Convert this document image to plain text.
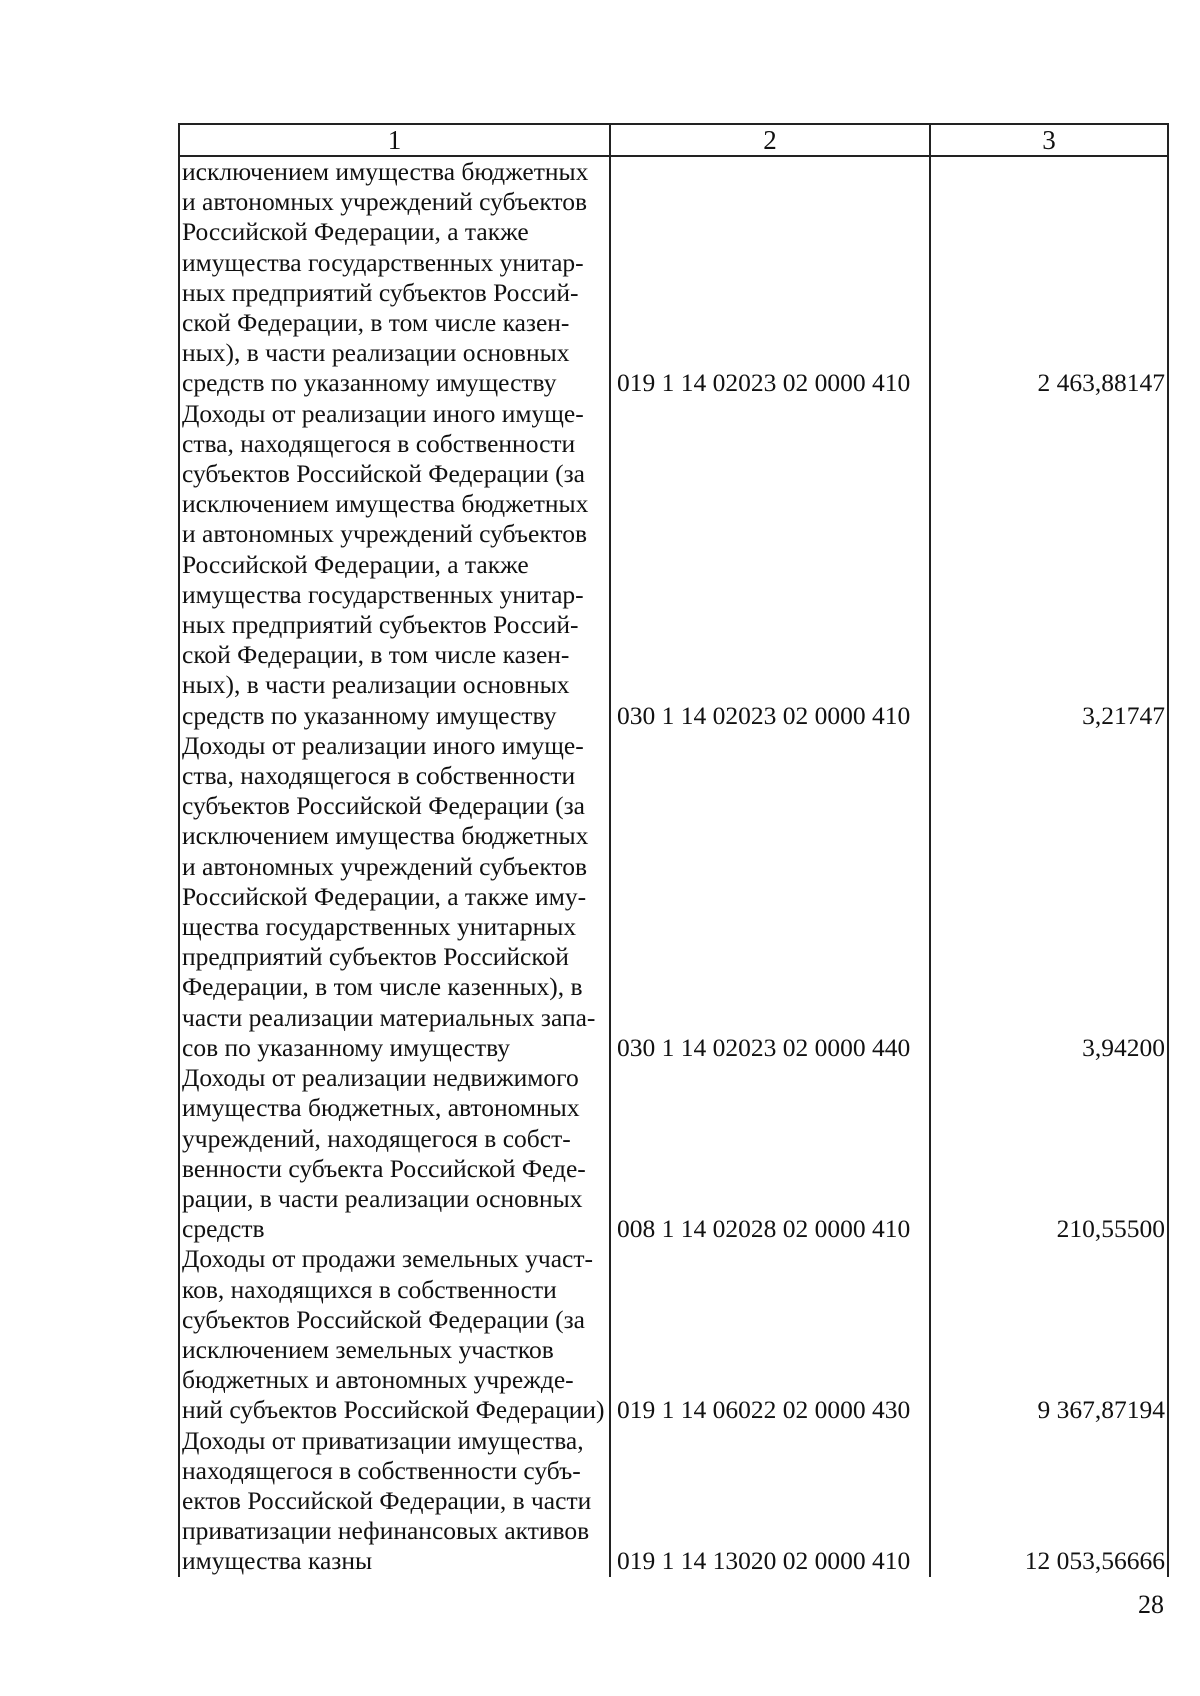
1	2	3
исключением имущества бюджетных
и автономных учреждений субъектов
Российской Федерации, а также
имущества государственных унитар-
ных предприятий субъектов Россий-
ской Федерации, в том числе казен-
ных), в части реализации основных
средств по указанному имуществу	019 1 14 02023 02 0000 410	2 463,88147
Доходы от реализации иного имуще-
ства, находящегося в собственности
субъектов Российской Федерации (за
исключением имущества бюджетных
и автономных учреждений субъектов
Российской Федерации, а также
имущества государственных унитар-
ных предприятий субъектов Россий-
ской Федерации, в том числе казен-
ных), в части реализации основных
средств по указанному имуществу	030 1 14 02023 02 0000 410	3,21747
Доходы от реализации иного имуще-
ства, находящегося в собственности
субъектов Российской Федерации (за
исключением имущества бюджетных
и автономных учреждений субъектов
Российской Федерации, а также иму-
щества государственных унитарных
предприятий субъектов Российской
Федерации, в том числе казенных), в
части реализации материальных запа-
сов по указанному имуществу	030 1 14 02023 02 0000 440	3,94200
Доходы от реализации недвижимого
имущества бюджетных, автономных
учреждений, находящегося в собст-
венности субъекта Российской Феде-
рации, в части реализации основных
средств	008 1 14 02028 02 0000 410	210,55500
Доходы от продажи земельных участ-
ков, находящихся в собственности
субъектов Российской Федерации (за
исключением земельных участков
бюджетных и автономных учрежде-
ний субъектов Российской Федерации) 019 1 14 06022 02 0000 430	9 367,87194
Доходы от приватизации имущества,
находящегося в собственности субъ-
ектов Российской Федерации, в части
приватизации нефинансовых активов
имущества казны	019 1 14 13020 02 0000 410	12 053,56666
28
